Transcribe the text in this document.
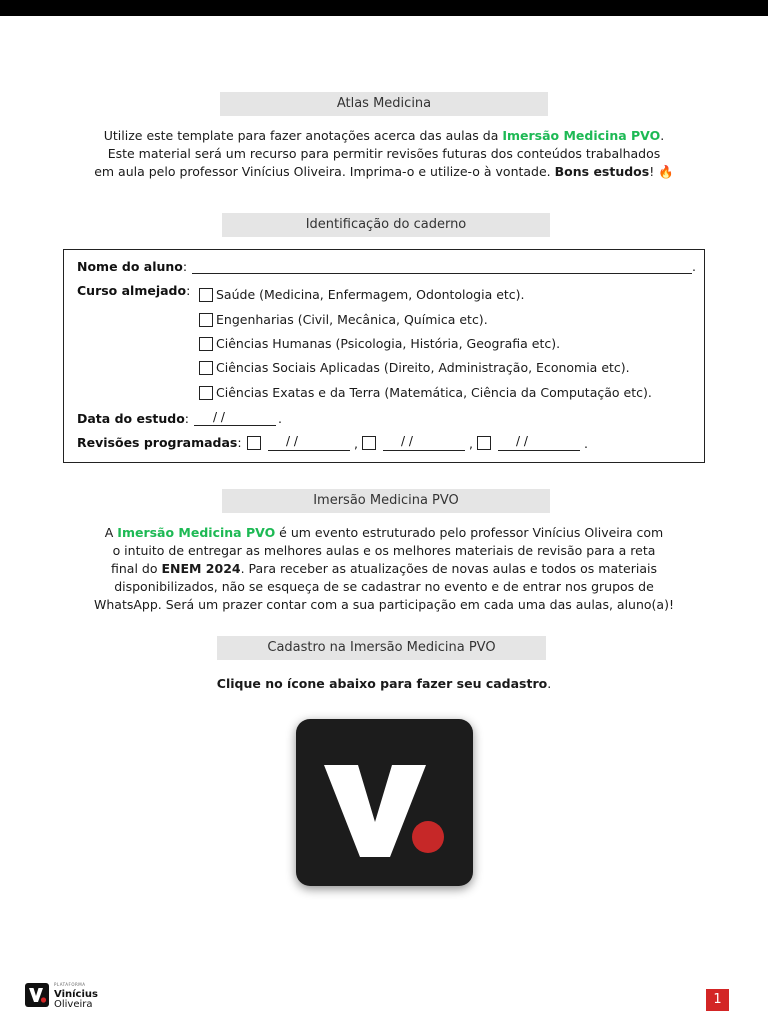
Atlas Medicina
Utilize este template para fazer anotações acerca das aulas da Imersão Medicina PVO.
Este material será um recurso para permitir revisões futuras dos conteúdos trabalhados
em aula pelo professor Vinícius Oliveira. Imprima-o e utilize-o à vontade. Bons estudos! 🔥
Identificação do caderno
Nome do aluno:	.
Curso almejado: Saúde (Medicina, Enfermagem, Odontologia etc).
Engenharias (Civil, Mecânica, Química etc).
Ciências Humanas (Psicologia, História, Geografia etc).
Ciências Sociais Aplicadas (Direito, Administração, Economia etc).
Ciências Exatas e da Terra (Matemática, Ciência da Computação etc).
Data do estudo: / /	.
Revisões programadas:	/ /	,	/ /	,	/ /	.
Imersão Medicina PVO
A Imersão Medicina PVO é um evento estruturado pelo professor Vinícius Oliveira com
o intuito de entregar as melhores aulas e os melhores materiais de revisão para a reta
final do ENEM 2024. Para receber as atualizações de novas aulas e todos os materiais
disponibilizados, não se esqueça de se cadastrar no evento e de entrar nos grupos de
WhatsApp. Será um prazer contar com a sua participação em cada uma das aulas, aluno(a)!
Cadastro na Imersão Medicina PVO
Clique no ícone abaixo para fazer seu cadastro.
PLATAFORMA
Vinícius
Oliveira	1
